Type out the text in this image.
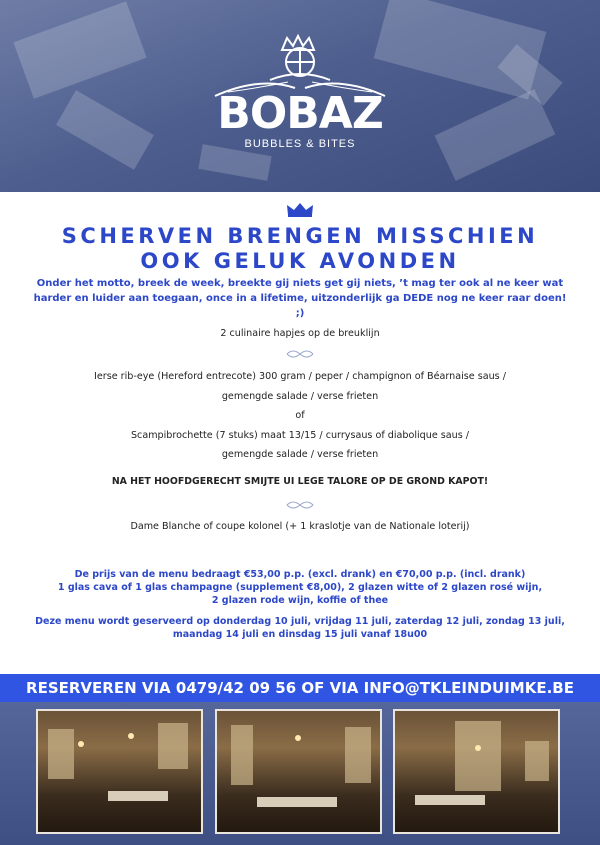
BOBAZ
BUBBLES & BITES
SCHERVEN BRENGEN MISSCHIEN
OOK GELUK AVONDEN
Onder het motto, breek de week, breekte gij niets get gij niets, ’t mag ter ook al ne keer wat harder en luider aan toegaan, once in a lifetime, uitzonderlijk ga DEDE nog ne keer raar doen! ;)
2 culinaire hapjes op de breuklijn
Ierse rib-eye (Hereford entrecote) 300 gram / peper / champignon of Béarnaise saus /
gemengde salade / verse frieten
of
Scampibrochette (7 stuks) maat 13/15 / currysaus of diabolique saus /
gemengde salade / verse frieten
NA HET HOOFDGERECHT SMIJTE UI LEGE TALORE OP DE GROND KAPOT!
Dame Blanche of coupe kolonel (+ 1 kraslotje van de Nationale loterij)
De prijs van de menu bedraagt €53,00 p.p. (excl. drank) en €70,00 p.p. (incl. drank)
1 glas cava of 1 glas champagne (supplement €8,00), 2 glazen witte of 2 glazen rosé wijn,
2 glazen rode wijn, koffie of thee
Deze menu wordt geserveerd op donderdag 10 juli, vrijdag 11 juli, zaterdag 12 juli, zondag 13 juli,
maandag 14 juli en dinsdag 15 juli vanaf 18u00
RESERVEREN VIA 0479/42 09 56 OF VIA INFO@TKLEINDUIMKE.BE
